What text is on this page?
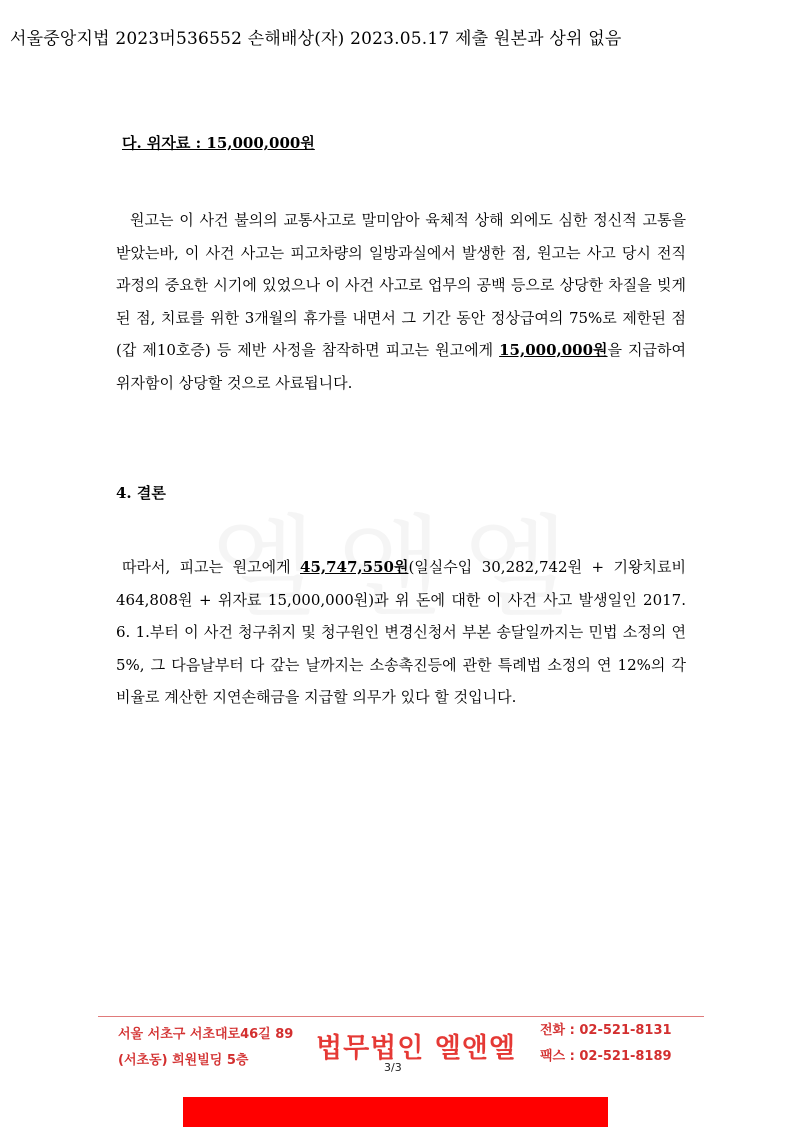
서울중앙지법 2023머536552 손해배상(자) 2023.05.17 제출 원본과 상위 없음
다. 위자료 : 15,000,000원
원고는 이 사건 불의의 교통사고로 말미암아 육체적 상해 외에도 심한 정신적 고통을 받았는바, 이 사건 사고는 피고차량의 일방과실에서 발생한 점, 원고는 사고 당시 전직 과정의 중요한 시기에 있었으나 이 사건 사고로 업무의 공백 등으로 상당한 차질을 빚게 된 점, 치료를 위한 3개월의 휴가를 내면서 그 기간 동안 정상급여의 75%로 제한된 점(갑 제10호증) 등 제반 사정을 참작하면 피고는 원고에게 15,000,000원을 지급하여 위자함이 상당할 것으로 사료됩니다.
4. 결론
따라서, 피고는 원고에게 45,747,550원(일실수입 30,282,742원 + 기왕치료비 464,808원 + 위자료 15,000,000원)과 위 돈에 대한 이 사건 사고 발생일인 2017. 6. 1.부터 이 사건 청구취지 및 청구원인 변경신청서 부본 송달일까지는 민법 소정의 연 5%, 그 다음날부터 다 갚는 날까지는 소송촉진등에 관한 특례법 소정의 연 12%의 각 비율로 계산한 지연손해금을 지급할 의무가 있다 할 것입니다.
서울 서초구 서초대로46길 89
(서초동) 희원빌딩 5층	법무법인 엘앤엘
전화 : 02-521-8131
팩스 : 02-521-8189
3/3
